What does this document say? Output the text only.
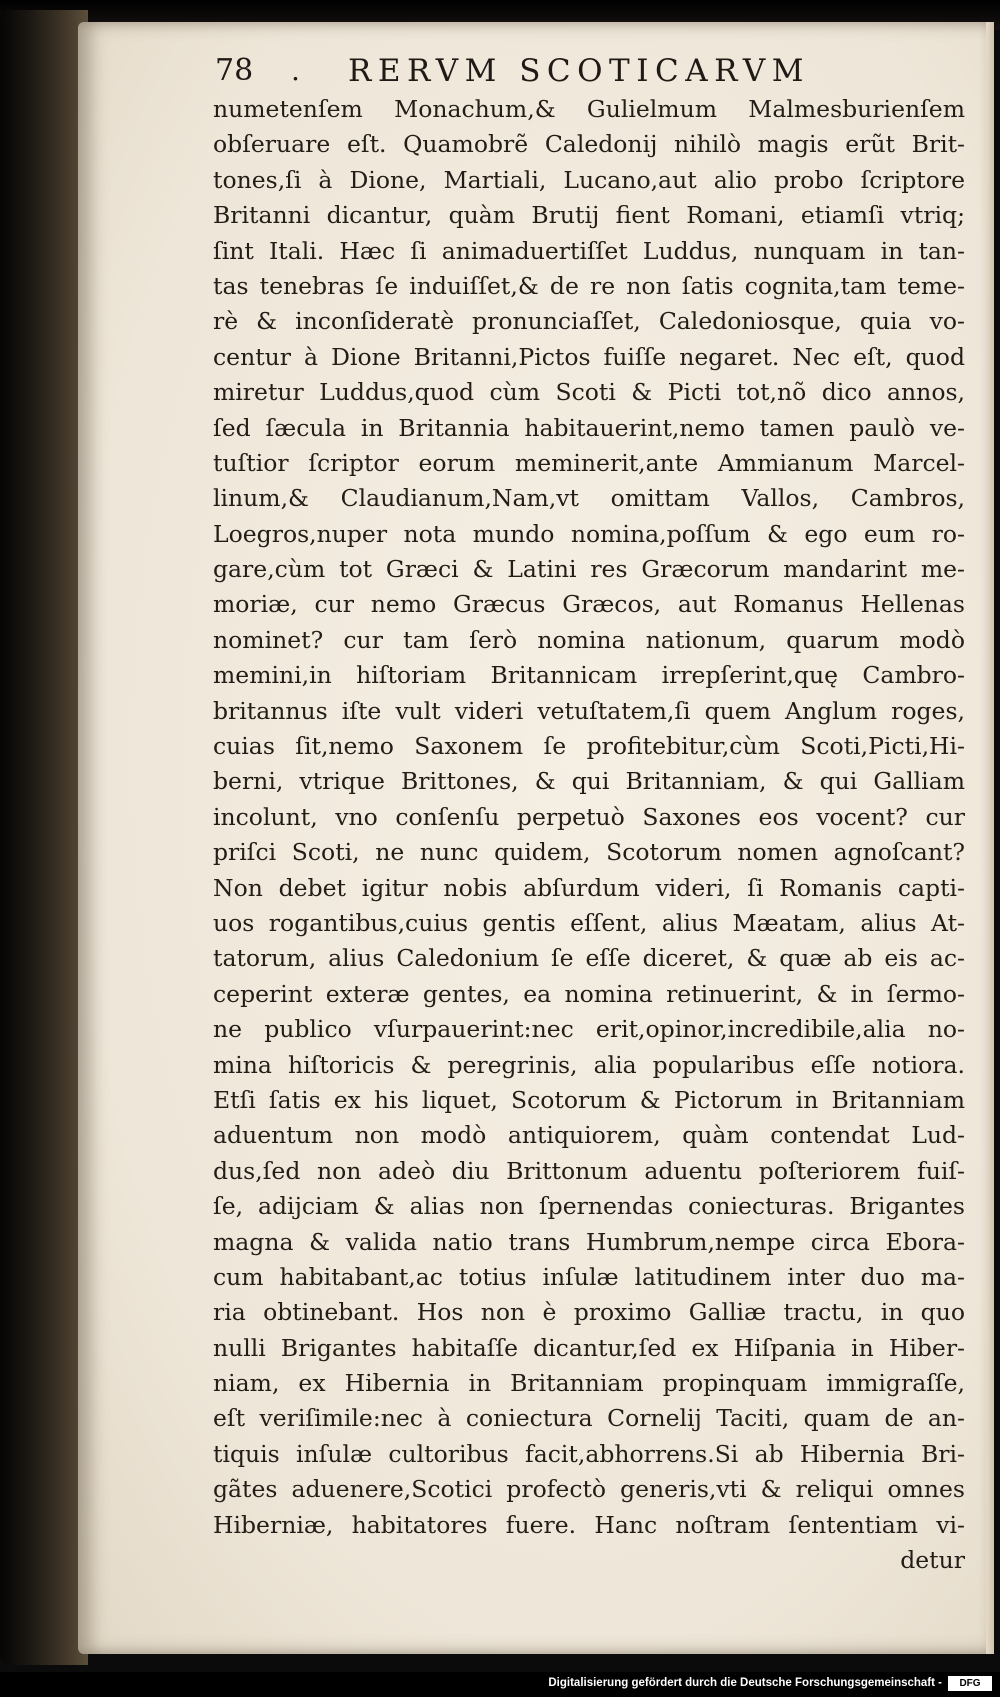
78 . RERVM SCOTICARVM
numetenſem Monachum,& Gulielmum Malmesburienſem
obſeruare eſt. Quamobrẽ Caledonij nihilò magis erũt Brit-
tones,ſi à Dione, Martiali, Lucano,aut alio probo ſcriptore
Britanni dicantur, quàm Brutij fient Romani, etiamſi vtriq;
ſint Itali. Hæc ſi animaduertiſſet Luddus, nunquam in tan-
tas tenebras ſe induiſſet,& de re non ſatis cognita,tam teme-
rè & inconſideratè pronunciaſſet, Caledoniosque, quia vo-
centur à Dione Britanni,Pictos fuiſſe negaret. Nec eſt, quod
miretur Luddus,quod cùm Scoti & Picti tot,nõ dico annos,
ſed ſæcula in Britannia habitauerint,nemo tamen paulò ve-
tuſtior ſcriptor eorum meminerit,ante Ammianum Marcel-
linum,& Claudianum,Nam,vt omittam Vallos, Cambros,
Loegros,nuper nota mundo nomina,poſſum & ego eum ro-
gare,cùm tot Græci & Latini res Græcorum mandarint me-
moriæ, cur nemo Græcus Græcos, aut Romanus Hellenas
nominet? cur tam ſerò nomina nationum, quarum modò
memini,in hiſtoriam Britannicam irrepſerint,quę Cambro-
britannus iſte vult videri vetuſtatem,ſi quem Anglum roges,
cuias ſit,nemo Saxonem ſe profitebitur,cùm Scoti,Picti,Hi-
berni, vtrique Brittones, & qui Britanniam, & qui Galliam
incolunt, vno conſenſu perpetuò Saxones eos vocent? cur
priſci Scoti, ne nunc quidem, Scotorum nomen agnoſcant?
Non debet igitur nobis abſurdum videri, ſi Romanis capti-
uos rogantibus,cuius gentis eſſent, alius Mæatam, alius At-
tatorum, alius Caledonium ſe eſſe diceret, & quæ ab eis ac-
ceperint exteræ gentes, ea nomina retinuerint, & in ſermo-
ne publico vſurpauerint:nec erit,opinor,incredibile,alia no-
mina hiſtoricis & peregrinis, alia popularibus eſſe notiora.
Etſi ſatis ex his liquet, Scotorum & Pictorum in Britanniam
aduentum non modò antiquiorem, quàm contendat Lud-
dus,ſed non adeò diu Brittonum aduentu poſteriorem fuiſ-
ſe, adijciam & alias non ſpernendas coniecturas. Brigantes
magna & valida natio trans Humbrum,nempe circa Ebora-
cum habitabant,ac totius inſulæ latitudinem inter duo ma-
ria obtinebant. Hos non è proximo Galliæ tractu, in quo
nulli Brigantes habitaſſe dicantur,ſed ex Hiſpania in Hiber-
niam, ex Hibernia in Britanniam propinquam immigraſſe,
eſt veriſimile:nec à coniectura Cornelij Taciti, quam de an-
tiquis inſulæ cultoribus facit,abhorrens.Si ab Hibernia Bri-
gãtes aduenere,Scotici profectò generis,vti & reliqui omnes
Hiberniæ, habitatores fuere. Hanc noſtram ſententiam vi-
detur
Digitalisierung gefördert durch die Deutsche Forschungsgemeinschaft -	DFG
